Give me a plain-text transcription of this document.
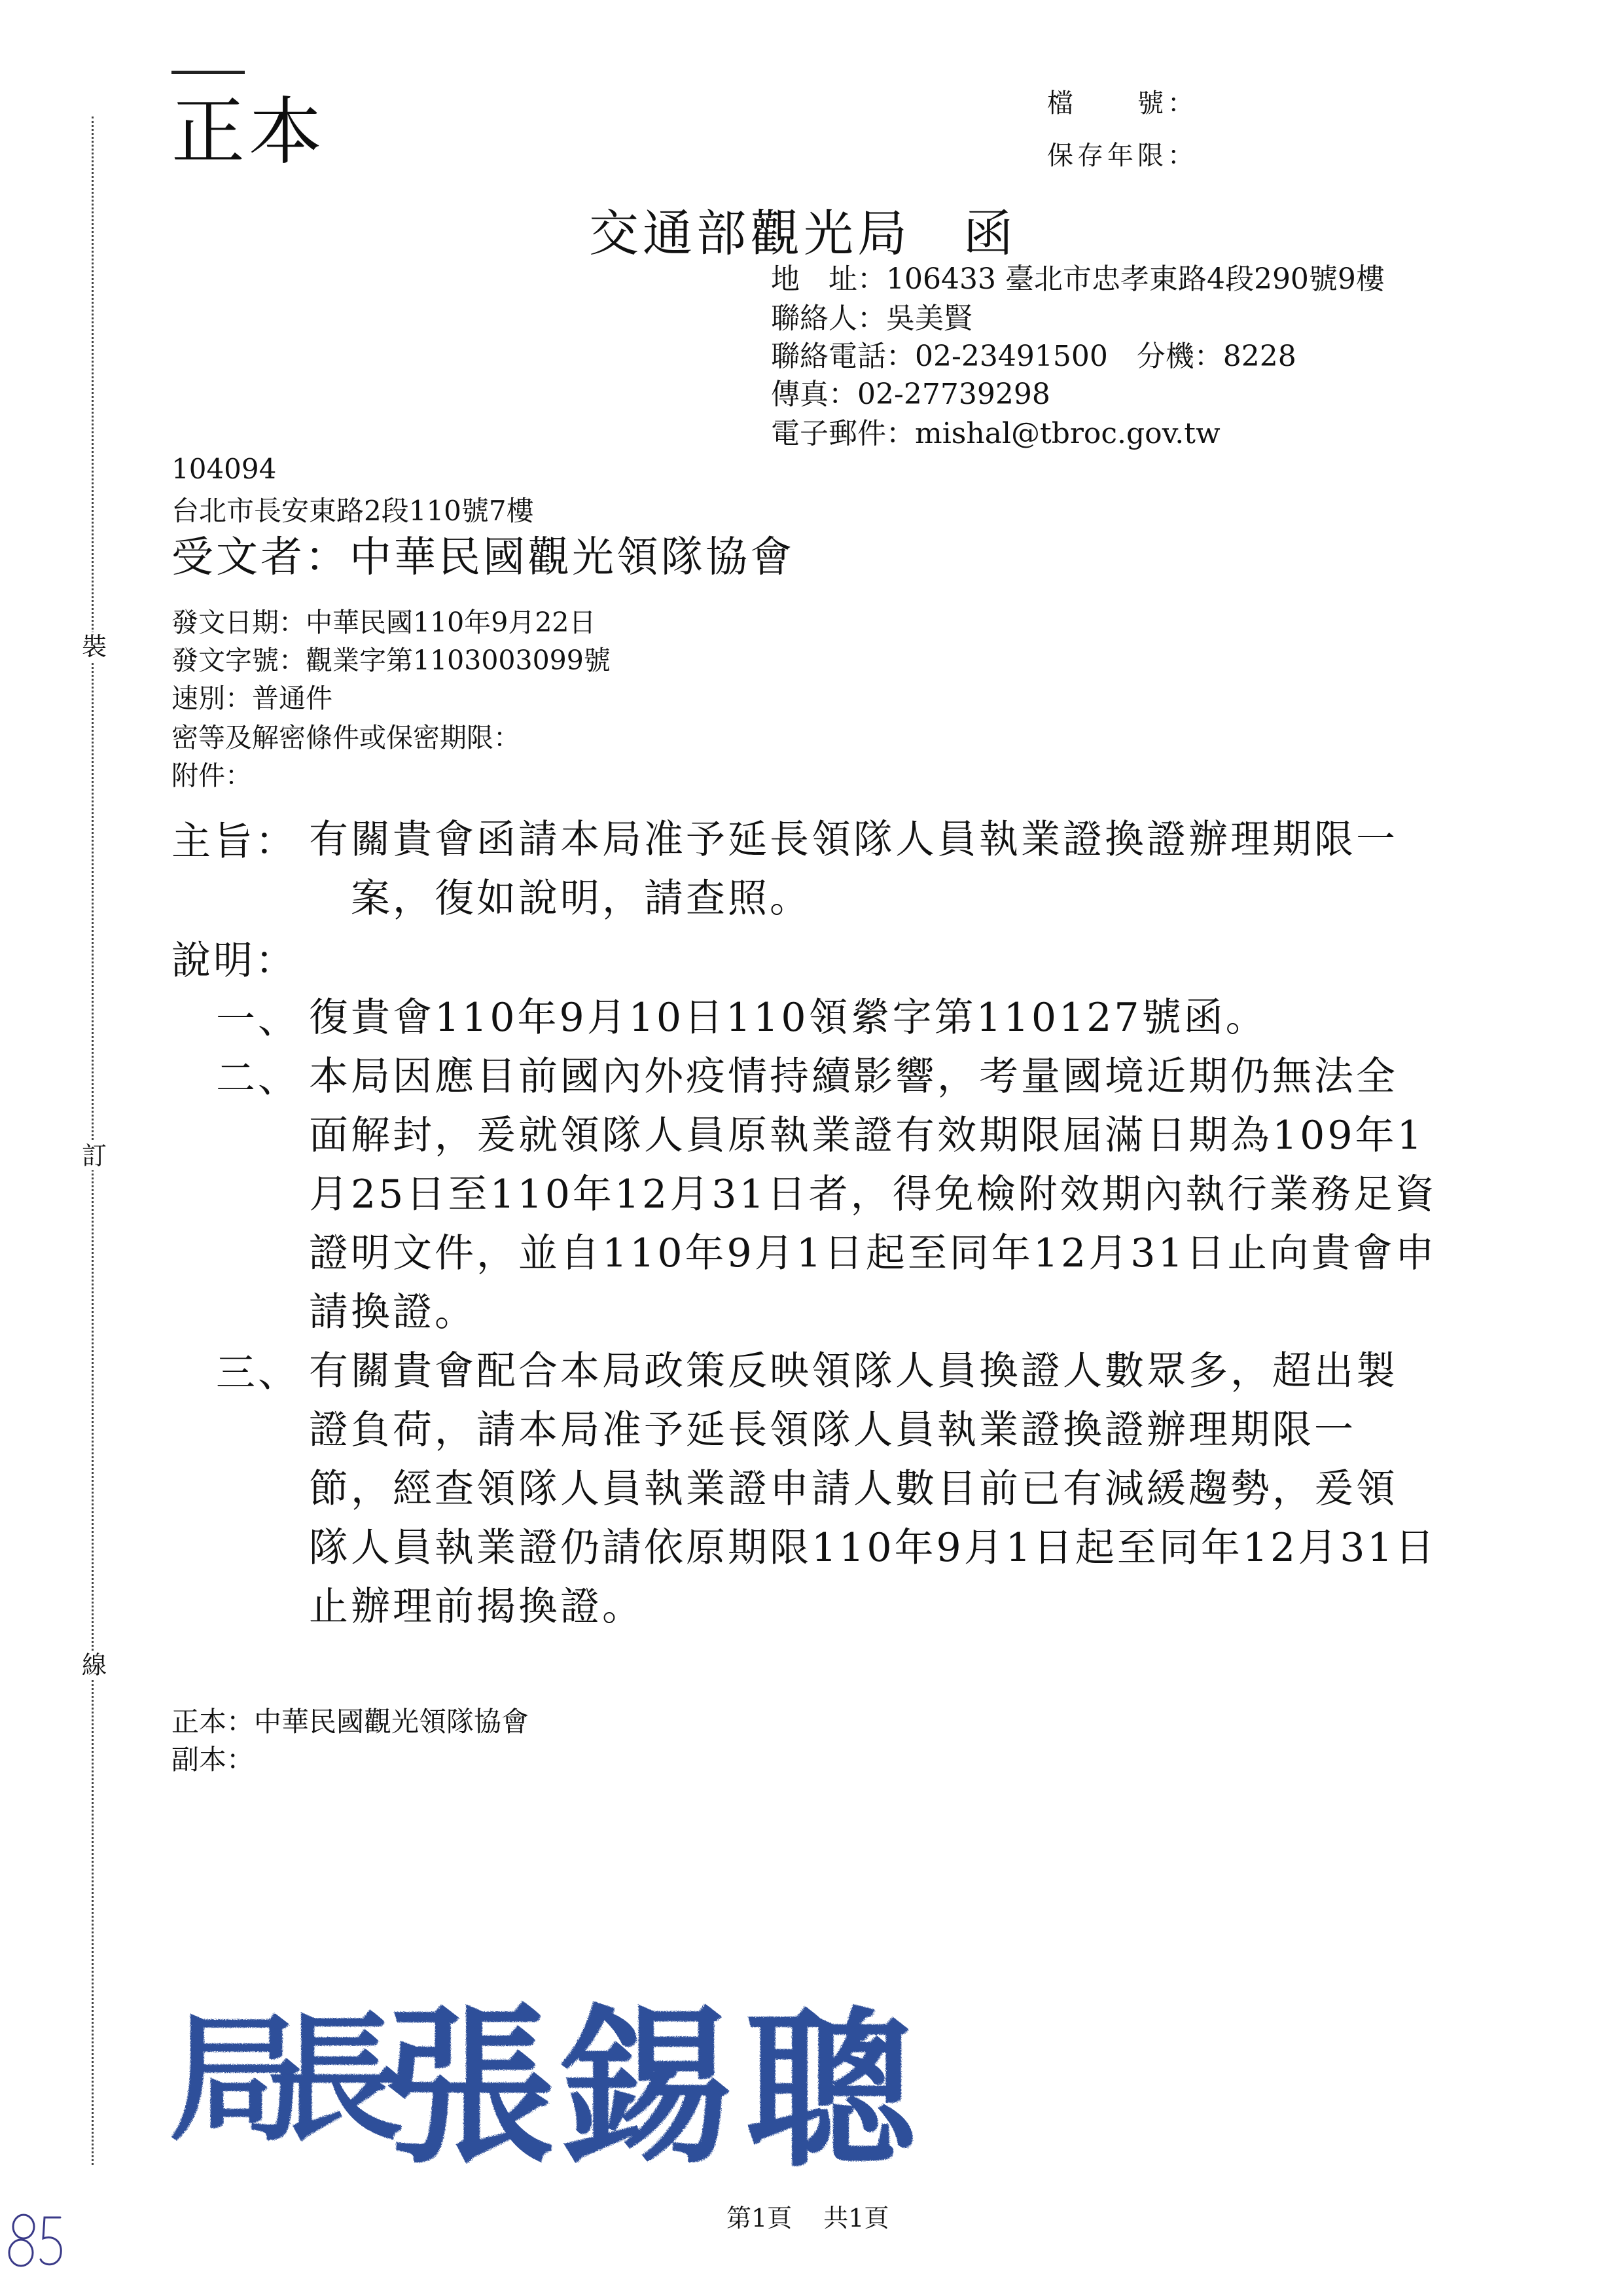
裝
訂
線
正本	檔　　號：
保存年限：
交通部觀光局 函
地　址：106433 臺北市忠孝東路4段290號9樓
聯絡人：吳美賢
聯絡電話：02-23491500　分機：8228
傳真：02-27739298
電子郵件：mishal@tbroc.gov.tw
104094
台北市長安東路2段110號7樓
受文者：中華民國觀光領隊協會
發文日期：中華民國110年9月22日
發文字號：觀業字第1103003099號
速別：普通件
密等及解密條件或保密期限：
附件：
主旨： 有關貴會函請本局准予延長領隊人員執業證換證辦理期限一
　案，復如說明，請查照。
說明：
一、 復貴會110年9月10日110領縈字第110127號函。
二、 本局因應目前國內外疫情持續影響，考量國境近期仍無法全
面解封，爰就領隊人員原執業證有效期限屆滿日期為109年1
月25日至110年12月31日者，得免檢附效期內執行業務足資
證明文件，並自110年9月1日起至同年12月31日止向貴會申
請換證。
三、 有關貴會配合本局政策反映領隊人員換證人數眾多，超出製
證負荷，請本局准予延長領隊人員執業證換證辦理期限一
節，經查領隊人員執業證申請人數目前已有減緩趨勢，爰領
隊人員執業證仍請依原期限110年9月1日起至同年12月31日
止辦理前揭換證。
正本：中華民國觀光領隊協會
副本：
局
長
張 錫 聰
第1頁 共1頁
